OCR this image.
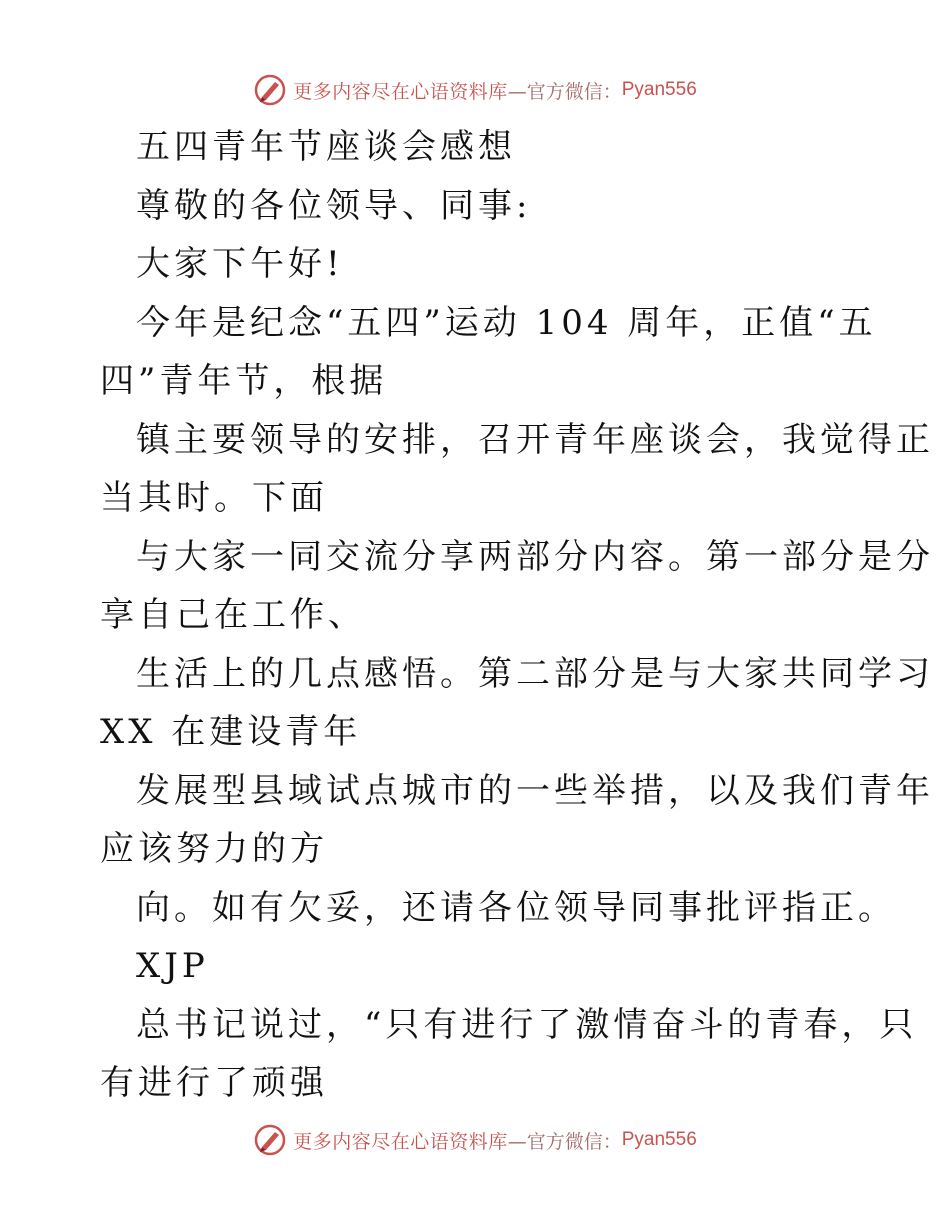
更多内容尽在心语资料库 —官方微信： Pyan556
五四青年节座谈会感想
尊敬的各位领导、同事:
大家下午好!
今年是纪念“五四”运动 104 周年，正值“五
四”青年节，根据
镇主要领导的安排，召开青年座谈会，我觉得正
当其时。下面
与大家一同交流分享两部分内容。第一部分是分
享自己在工作、
生活上的几点感悟。第二部分是与大家共同学习
XX 在建设青年
发展型县域试点城市的一些举措，以及我们青年
应该努力的方
向。如有欠妥，还请各位领导同事批评指正。
XJP
总书记说过，“只有进行了激情奋斗的青春，只
有进行了顽强
更多内容尽在心语资料库 —官方微信： Pyan556
